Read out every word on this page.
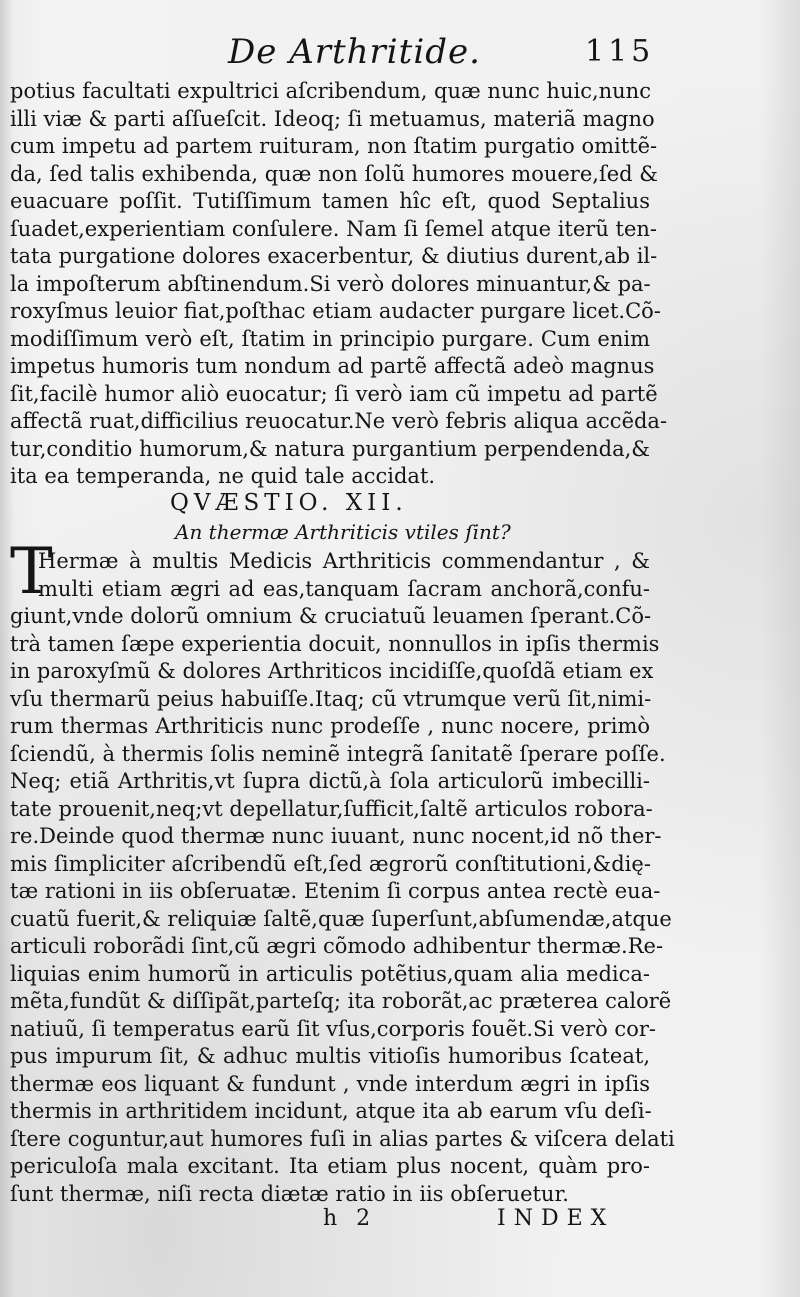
De Arthritide.	115
potius facultati expultrici aſcribendum, quæ nunc huic,nunc
illi viæ & parti aſſueſcit. Ideoq; ſi metuamus, materiã magno
cum impetu ad partem ruituram, non ſtatim purgatio omittẽ-
da, ſed talis exhibenda, quæ non ſolũ humores mouere,ſed &
euacuare poſſit. Tutiſſimum tamen hîc eſt, quod Septalius
ſuadet,experientiam conſulere. Nam ſi ſemel atque iterũ ten-
tata purgatione dolores exacerbentur, & diutius durent,ab il-
la impoſterum abſtinendum.Si verò dolores minuantur,& pa-
roxyſmus leuior fiat,poſthac etiam audacter purgare licet.Cõ-
modiſſimum verò eſt, ſtatim in principio purgare. Cum enim
impetus humoris tum nondum ad partẽ affectã adeò magnus
ſit,facilè humor aliò euocatur; ſi verò iam cũ impetu ad partẽ
affectã ruat,difficilius reuocatur.Ne verò febris aliqua accẽda-
tur,conditio humorum,& natura purgantium perpendenda,&
ita ea temperanda, ne quid tale accidat.
QVÆSTIO. XII.
An thermæ Arthriticis vtiles ſint?
T
Hermæ à multis Medicis Arthriticis commendantur , &
multi etiam ægri ad eas,tanquam ſacram anchorã,confu-
giunt,vnde dolorũ omnium & cruciatuũ leuamen ſperant.Cõ-
trà tamen ſæpe experientia docuit, nonnullos in ipſis thermis
in paroxyſmũ & dolores Arthriticos incidiſſe,quoſdã etiam ex
vſu thermarũ peius habuiſſe.Itaq; cũ vtrumque verũ ſit,nimi-
rum thermas Arthriticis nunc prodeſſe , nunc nocere, primò
ſciendũ, à thermis ſolis neminẽ integrã ſanitatẽ ſperare poſſe.
Neq; etiã Arthritis,vt ſupra dictũ,à ſola articulorũ imbecilli-
tate prouenit,neq;vt depellatur,ſufficit,ſaltẽ articulos robora-
re.Deinde quod thermæ nunc iuuant, nunc nocent,id nõ ther-
mis ſimpliciter aſcribendũ eſt,ſed ægrorũ conſtitutioni,&dię-
tæ rationi in iis obſeruatæ. Etenim ſi corpus antea rectè eua-
cuatũ fuerit,& reliquiæ ſaltẽ,quæ ſuperſunt,abſumendæ,atque
articuli roborãdi ſint,cũ ægri cõmodo adhibentur thermæ.Re-
liquias enim humorũ in articulis potẽtius,quam alia medica-
mẽta,fundũt & diſſipãt,parteſq; ita roborãt,ac præterea calorẽ
natiuũ, ſi temperatus earũ ſit vſus,corporis fouẽt.Si verò cor-
pus impurum ſit, & adhuc multis vitioſis humoribus ſcateat,
thermæ eos liquant & fundunt , vnde interdum ægri in ipſis
thermis in arthritidem incidunt, atque ita ab earum vſu deſi-
ſtere coguntur,aut humores fuſi in alias partes & viſcera delati
periculoſa mala excitant. Ita etiam plus nocent, quàm pro-
ſunt thermæ, niſi recta diætæ ratio in iis obſeruetur.
h 2	INDEX
